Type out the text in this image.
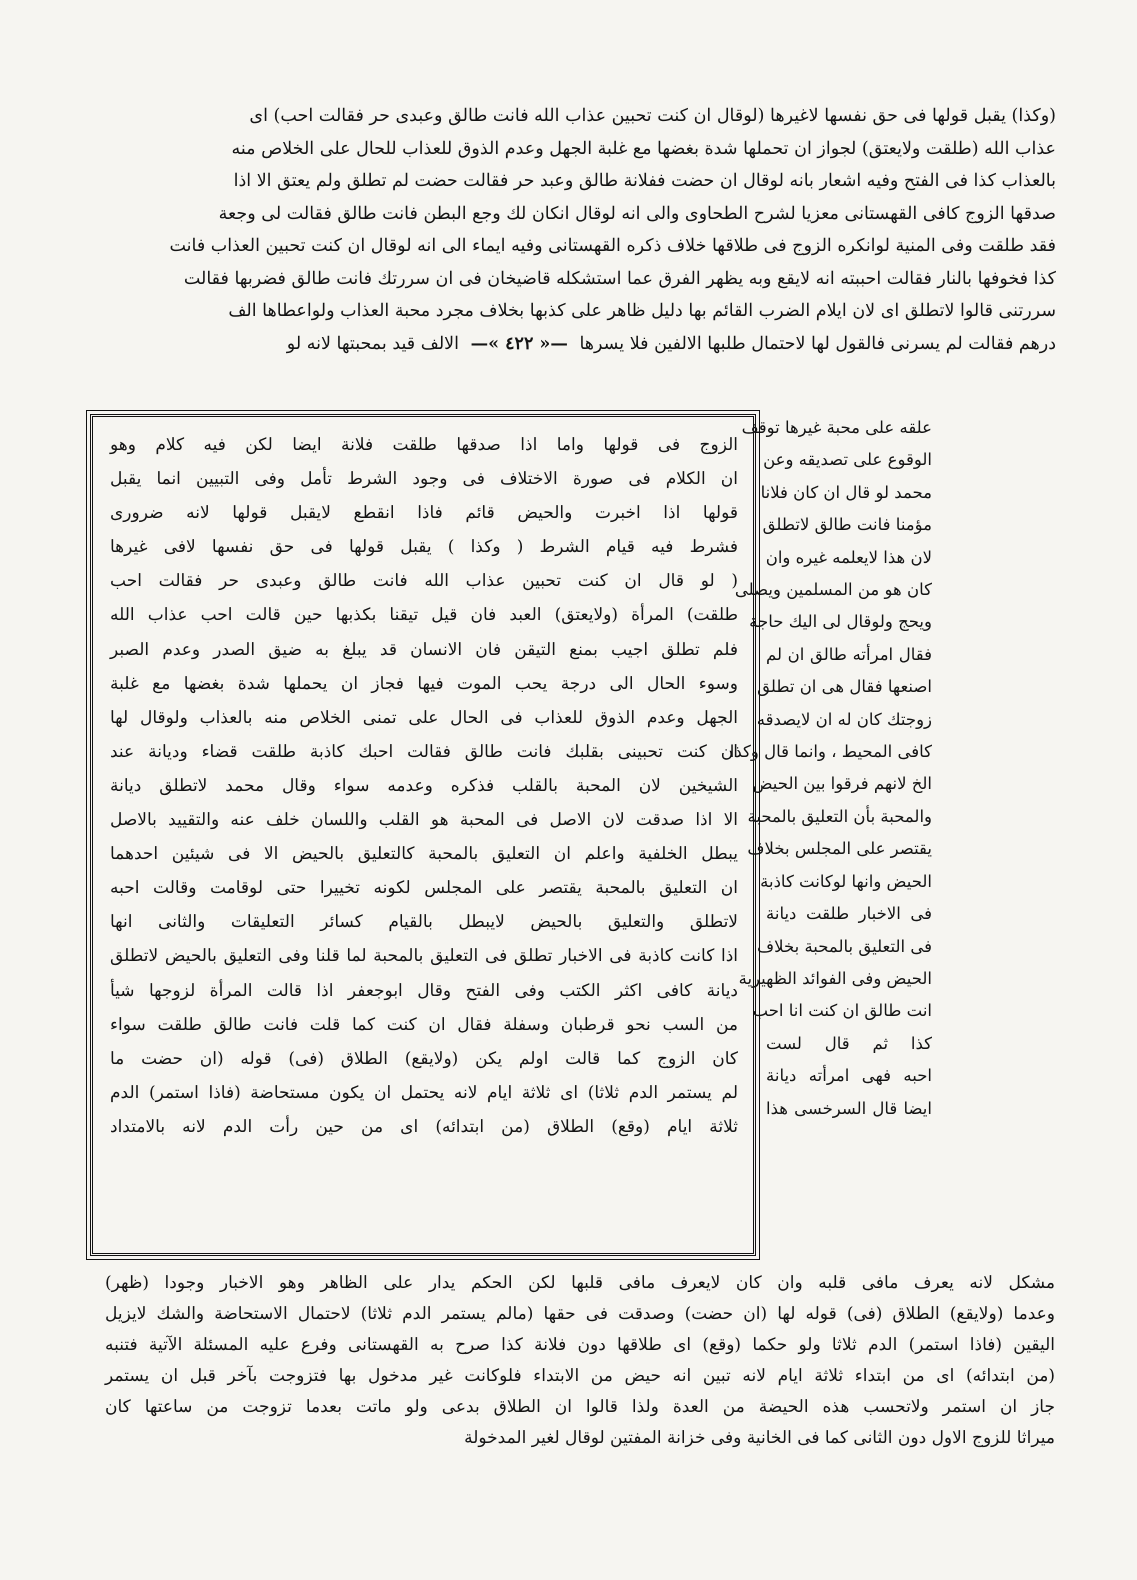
(وكذا) يقبل قولها فى حق نفسها لاغيرها (لوقال ان كنت تحبين عذاب الله فانت طالق وعبدى حر فقالت احب) اى
عذاب الله (طلقت ولايعتق) لجواز ان تحملها شدة بغضها مع غلبة الجهل وعدم الذوق للعذاب للحال على الخلاص منه
بالعذاب كذا فى الفتح وفيه اشعار بانه لوقال ان حضت ففلانة طالق وعبد حر فقالت حضت لم تطلق ولم يعتق الا اذا
صدقها الزوج كافى القهستانى معزيا لشرح الطحاوى والى انه لوقال انكان لك وجع البطن فانت طالق فقالت لى وجعة
فقد طلقت وفى المنية لوانكره الزوج فى طلاقها خلاف ذكره القهستانى وفيه ايماء الى انه لوقال ان كنت تحبين العذاب فانت
كذا فخوفها بالنار فقالت احببته انه لايقع وبه يظهر الفرق عما استشكله قاضيخان فى ان سررتك فانت طالق فضربها فقالت
سررتنى قالوا لاتطلق اى لان ايلام الضرب القائم بها دليل ظاهر على كذبها بخلاف مجرد محبة العذاب ولواعطاها الف
درهم فقالت لم يسرنى فالقول لها لاحتمال طلبها الالفين فلا يسرها —« ٤٢٢ »— الالف قيد بمحبتها لانه لو
الزوج فى قولها واما اذا صدقها طلقت فلانة ايضا لكن فيه كلام وهو
ان الكلام فى صورة الاختلاف فى وجود الشرط تأمل وفى التبيين انما يقبل
قولها اذا اخبرت والحيض قائم فاذا انقطع لايقبل قولها لانه ضرورى
فشرط فيه قيام الشرط ( وكذا ) يقبل قولها فى حق نفسها لافى غيرها
( لو قال ان كنت تحبين عذاب الله فانت طالق وعبدى حر فقالت احب
طلقت) المرأة (ولايعتق) العبد فان قيل تيقنا بكذبها حين قالت احب عذاب الله
فلم تطلق اجيب بمنع التيقن فان الانسان قد يبلغ به ضيق الصدر وعدم الصبر
وسوء الحال الى درجة يحب الموت فيها فجاز ان يحملها شدة بغضها مع غلبة
الجهل وعدم الذوق للعذاب فى الحال على تمنى الخلاص منه بالعذاب ولوقال لها
ان كنت تحبينى بقلبك فانت طالق فقالت احبك كاذبة طلقت قضاء وديانة عند
الشيخين لان المحبة بالقلب فذكره وعدمه سواء وقال محمد لاتطلق ديانة
الا اذا صدقت لان الاصل فى المحبة هو القلب واللسان خلف عنه والتقييد بالاصل
يبطل الخلفية واعلم ان التعليق بالمحبة كالتعليق بالحيض الا فى شيئين احدهما
ان التعليق بالمحبة يقتصر على المجلس لكونه تخييرا حتى لوقامت وقالت احبه
لاتطلق والتعليق بالحيض لايبطل بالقيام كسائر التعليقات والثانى انها
اذا كانت كاذبة فى الاخبار تطلق فى التعليق بالمحبة لما قلنا وفى التعليق بالحيض لاتطلق
ديانة كافى اكثر الكتب وفى الفتح وقال ابوجعفر اذا قالت المرأة لزوجها شيأ
من السب نحو قرطبان وسفلة فقال ان كنت كما قلت فانت طالق طلقت سواء
كان الزوج كما قالت اولم يكن (ولايقع) الطلاق (فى) قوله (ان حضت ما
لم يستمر الدم ثلاثا) اى ثلاثة ايام لانه يحتمل ان يكون مستحاضة (فاذا استمر) الدم
ثلاثة ايام (وقع) الطلاق (من ابتدائه) اى من حين رأت الدم لانه بالامتداد
علقه على محبة غيرها توقف
الوقوع على تصديقه وعن
محمد لو قال ان كان فلانا
مؤمنا فانت طالق لاتطلق
لان هذا لايعلمه غيره وان
كان هو من المسلمين ويصلى
ويحج ولوقال لى اليك حاجة
فقال امرأته طالق ان لم
اصنعها فقال هى ان تطلق
زوجتك كان له ان لايصدقه
كافى المحيط ، وانما قال وكذا
الخ لانهم فرقوا بين الحيض
والمحبة بأن التعليق بالمحبة
يقتصر على المجلس بخلاف
الحيض وانها لوكانت كاذبة
فى الاخبار طلقت ديانة
فى التعليق بالمحبة بخلاف
الحيض وفى الفوائد الظهيرية
انت طالق ان كنت انا احب
كذا ثم قال لست
احبه فهى امرأته ديانة
ايضا قال السرخسى هذا
مشكل لانه يعرف مافى قلبه وان كان لايعرف مافى قلبها لكن الحكم يدار على الظاهر وهو الاخبار وجودا (ظهر)
وعدما (ولايقع) الطلاق (فى) قوله لها (ان حضت) وصدقت فى حقها (مالم يستمر الدم ثلاثا) لاحتمال الاستحاضة والشك لايزيل
اليقين (فاذا استمر) الدم ثلاثا ولو حكما (وقع) اى طلاقها دون فلانة كذا صرح به القهستانى وفرع عليه المسئلة الآتية فتنبه
(من ابتدائه) اى من ابتداء ثلاثة ايام لانه تبين انه حيض من الابتداء فلوكانت غير مدخول بها فتزوجت بآخر قبل ان يستمر
جاز ان استمر ولاتحسب هذه الحيضة من العدة ولذا قالوا ان الطلاق بدعى ولو ماتت بعدما تزوجت من ساعتها كان
ميراثا للزوج الاول دون الثانى كما فى الخانية وفى خزانة المفتين لوقال لغير المدخولة
